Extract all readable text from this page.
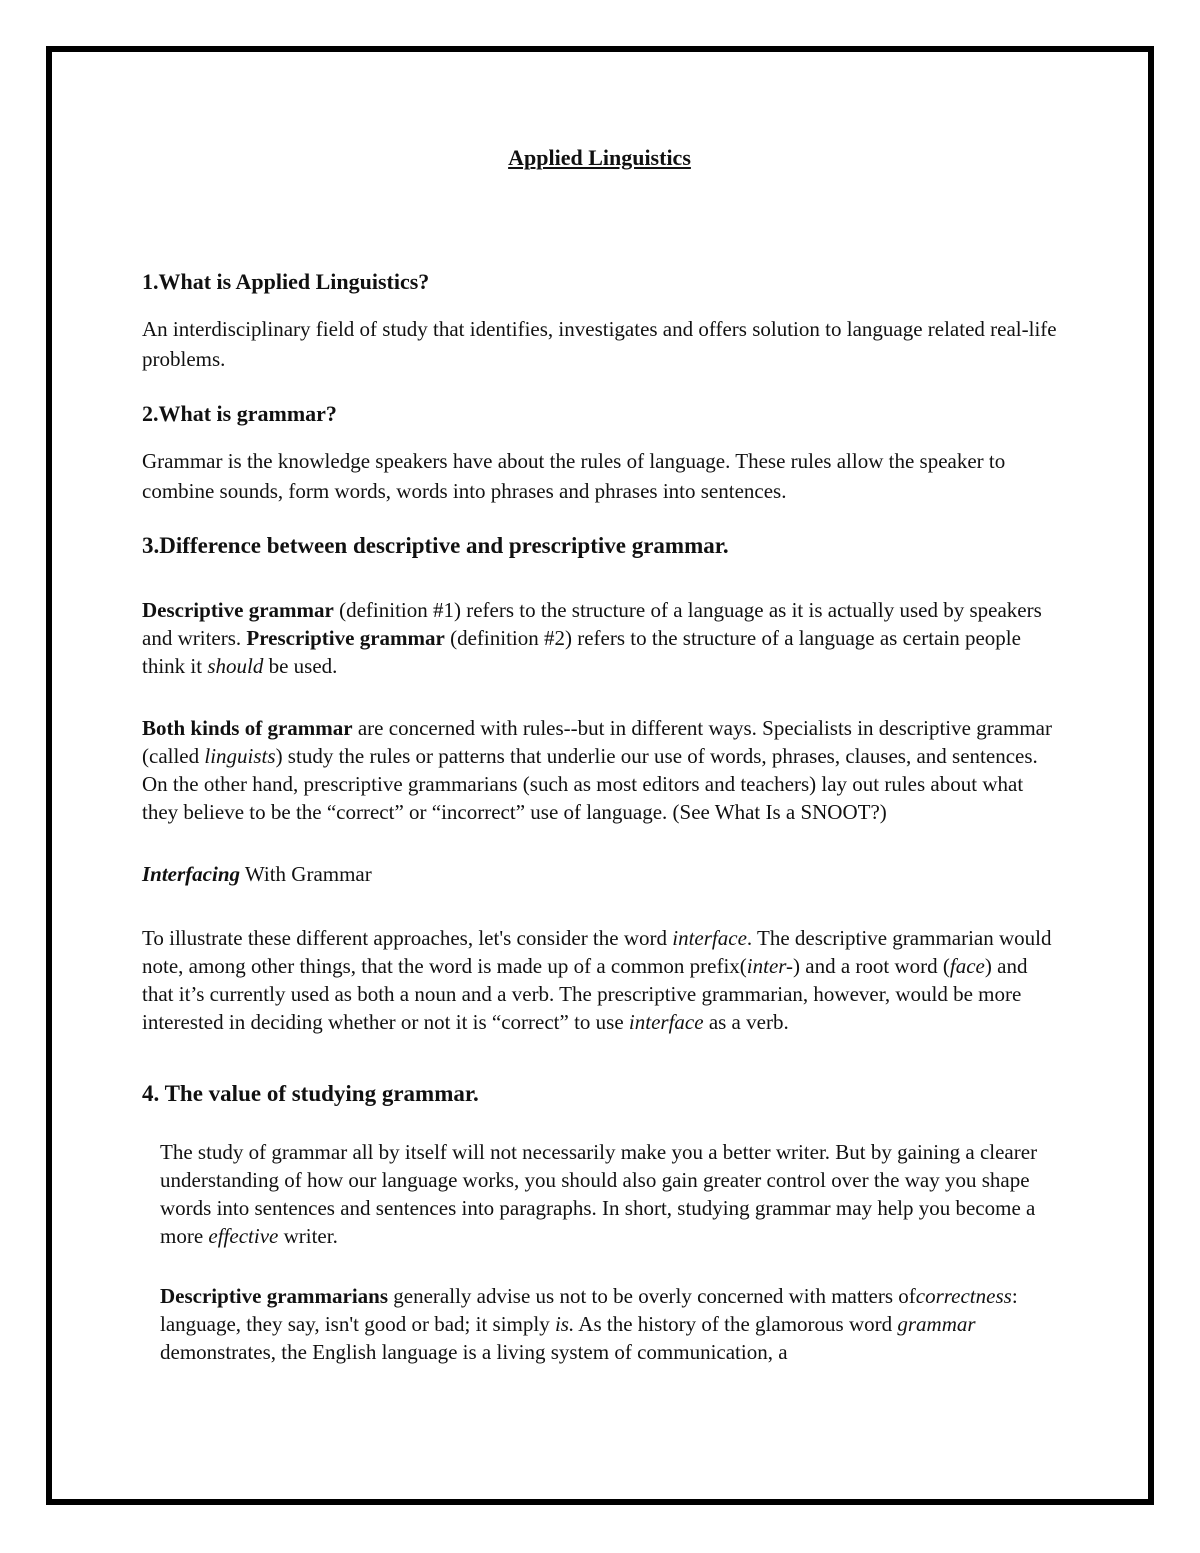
Applied Linguistics
1.What is Applied Linguistics?

An interdisciplinary field of study that identifies, investigates and offers solution to language related real-life problems.

2.What is grammar?

Grammar is the knowledge speakers have about the rules of language. These rules allow the speaker to combine sounds, form words, words into phrases and phrases into sentences.

3.Difference between descriptive and prescriptive grammar.

Descriptive grammar (definition #1) refers to the structure of a language as it is actually used by speakers and writers. Prescriptive grammar (definition #2) refers to the structure of a language as certain people think it should be used.

Both kinds of grammar are concerned with rules--but in different ways. Specialists in descriptive grammar (called linguists) study the rules or patterns that underlie our use of words, phrases, clauses, and sentences. On the other hand, prescriptive grammarians (such as most editors and teachers) lay out rules about what they believe to be the “correct” or “incorrect” use of language. (See What Is a SNOOT?)

Interfacing With Grammar

To illustrate these different approaches, let's consider the word interface. The descriptive grammarian would note, among other things, that the word is made up of a common prefix(inter-) and a root word (face) and that it’s currently used as both a noun and a verb. The prescriptive grammarian, however, would be more interested in deciding whether or not it is “correct” to use interface as a verb.

4. The value of studying grammar.

The study of grammar all by itself will not necessarily make you a better writer. But by gaining a clearer understanding of how our language works, you should also gain greater control over the way you shape words into sentences and sentences into paragraphs. In short, studying grammar may help you become a more effective writer.

Descriptive grammarians generally advise us not to be overly concerned with matters ofcorrectness: language, they say, isn't good or bad; it simply is. As the history of the glamorous word grammar demonstrates, the English language is a living system of communication, a
